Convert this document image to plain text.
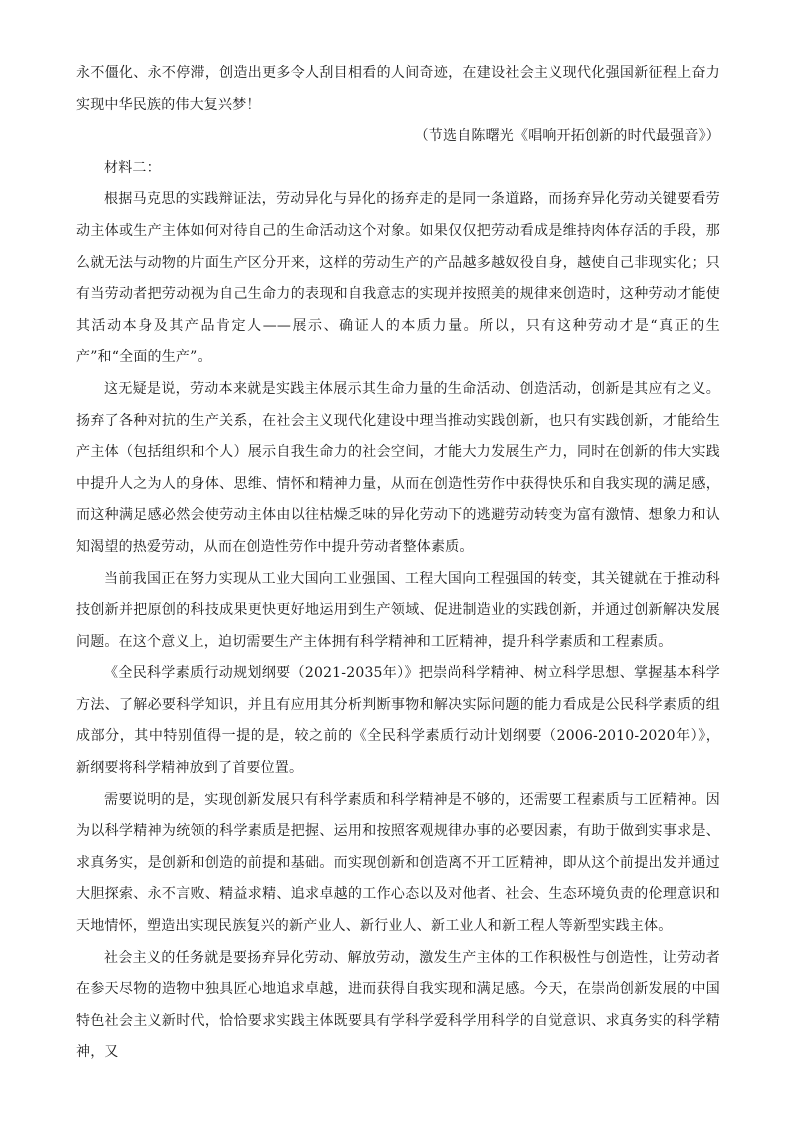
永不僵化、永不停滞，创造出更多令人刮目相看的人间奇迹，在建设社会主义现代化强国新征程上奋力实现中华民族的伟大复兴梦！

（节选自陈曙光《唱响开拓创新的时代最强音》）

材料二：

根据马克思的实践辩证法，劳动异化与异化的扬弃走的是同一条道路，而扬弃异化劳动关键要看劳动主体或生产主体如何对待自己的生命活动这个对象。如果仅仅把劳动看成是维持肉体存活的手段，那么就无法与动物的片面生产区分开来，这样的劳动生产的产品越多越奴役自身，越使自己非现实化；只有当劳动者把劳动视为自己生命力的表现和自我意志的实现并按照美的规律来创造时，这种劳动才能使其活动本身及其产品肯定人——展示、确证人的本质力量。所以，只有这种劳动才是“真正的生产”和“全面的生产”。

这无疑是说，劳动本来就是实践主体展示其生命力量的生命活动、创造活动，创新是其应有之义。扬弃了各种对抗的生产关系，在社会主义现代化建设中理当推动实践创新，也只有实践创新，才能给生产主体（包括组织和个人）展示自我生命力的社会空间，才能大力发展生产力，同时在创新的伟大实践中提升人之为人的身体、思维、情怀和精神力量，从而在创造性劳作中获得快乐和自我实现的满足感，而这种满足感必然会使劳动主体由以往枯燥乏味的异化劳动下的逃避劳动转变为富有激情、想象力和认知渴望的热爱劳动，从而在创造性劳作中提升劳动者整体素质。

当前我国正在努力实现从工业大国向工业强国、工程大国向工程强国的转变，其关键就在于推动科技创新并把原创的科技成果更快更好地运用到生产领域、促进制造业的实践创新，并通过创新解决发展问题。在这个意义上，迫切需要生产主体拥有科学精神和工匠精神，提升科学素质和工程素质。

《全民科学素质行动规划纲要（2021-2035年）》把崇尚科学精神、树立科学思想、掌握基本科学方法、了解必要科学知识，并且有应用其分析判断事物和解决实际问题的能力看成是公民科学素质的组成部分，其中特别值得一提的是，较之前的《全民科学素质行动计划纲要（2006-2010-2020年）》，新纲要将科学精神放到了首要位置。

需要说明的是，实现创新发展只有科学素质和科学精神是不够的，还需要工程素质与工匠精神。因为以科学精神为统领的科学素质是把握、运用和按照客观规律办事的必要因素，有助于做到实事求是、求真务实，是创新和创造的前提和基础。而实现创新和创造离不开工匠精神，即从这个前提出发并通过大胆探索、永不言败、精益求精、追求卓越的工作心态以及对他者、社会、生态环境负责的伦理意识和天地情怀，塑造出实现民族复兴的新产业人、新行业人、新工业人和新工程人等新型实践主体。

社会主义的任务就是要扬弃异化劳动、解放劳动，激发生产主体的工作积极性与创造性，让劳动者在参天尽物的造物中独具匠心地追求卓越，进而获得自我实现和满足感。今天，在崇尚创新发展的中国特色社会主义新时代，恰恰要求实践主体既要具有学科学爱科学用科学的自觉意识、求真务实的科学精神，又
